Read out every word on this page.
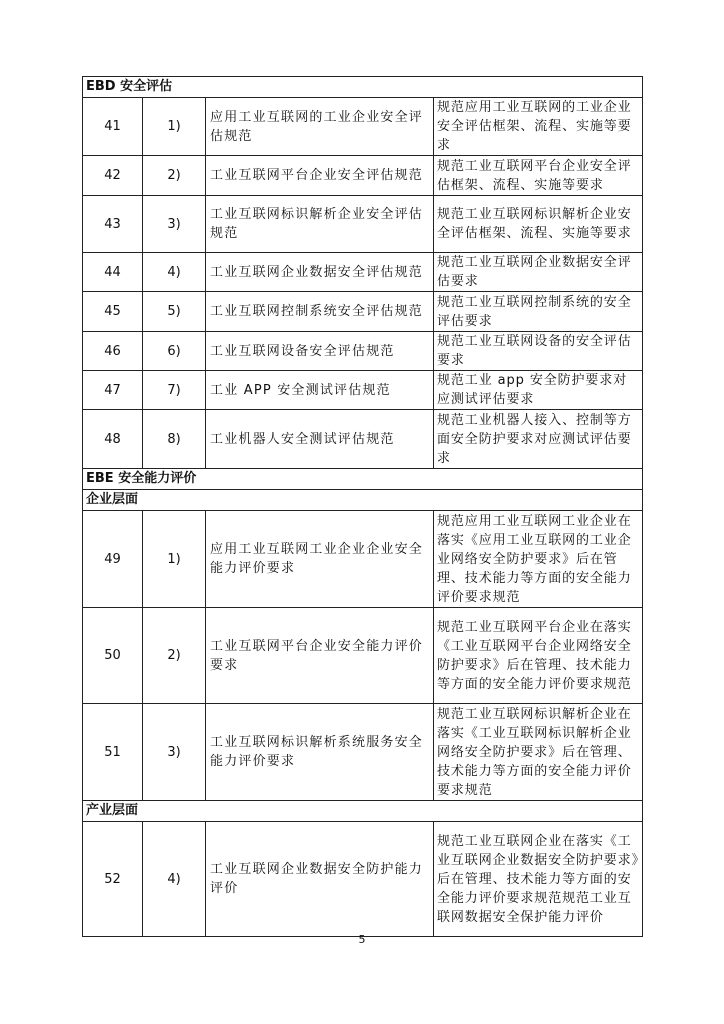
EBD 安全评估			
41	1)	应用工业互联网的工业企业安全评估规范	规范应用工业互联网的工业企业安全评估框架、流程、实施等要求
42	2)	工业互联网平台企业安全评估规范	规范工业互联网平台企业安全评估框架、流程、实施等要求
43	3)	工业互联网标识解析企业安全评估规范	规范工业互联网标识解析企业安全评估框架、流程、实施等要求
44	4)	工业互联网企业数据安全评估规范	规范工业互联网企业数据安全评估要求
45	5)	工业互联网控制系统安全评估规范	规范工业互联网控制系统的安全评估要求
46	6)	工业互联网设备安全评估规范	规范工业互联网设备的安全评估要求
47	7)	工业 APP 安全测试评估规范	规范工业 app 安全防护要求对应测试评估要求
48	8)	工业机器人安全测试评估规范	规范工业机器人接入、控制等方面安全防护要求对应测试评估要求
EBE 安全能力评价			
企业层面			
49	1)	应用工业互联网工业企业企业安全能力评价要求	规范应用工业互联网工业企业在落实《应用工业互联网的工业企业网络安全防护要求》后在管理、技术能力等方面的安全能力评价要求规范
50	2)	工业互联网平台企业安全能力评价要求	规范工业互联网平台企业在落实《工业互联网平台企业网络安全防护要求》后在管理、技术能力等方面的安全能力评价要求规范
51	3)	工业互联网标识解析系统服务安全能力评价要求	规范工业互联网标识解析企业在落实《工业互联网标识解析企业网络安全防护要求》后在管理、技术能力等方面的安全能力评价要求规范
产业层面			
52	4)	工业互联网企业数据安全防护能力评价	规范工业互联网企业在落实《工业互联网企业数据安全防护要求》后在管理、技术能力等方面的安全能力评价要求规范规范工业互联网数据安全保护能力评价
5
